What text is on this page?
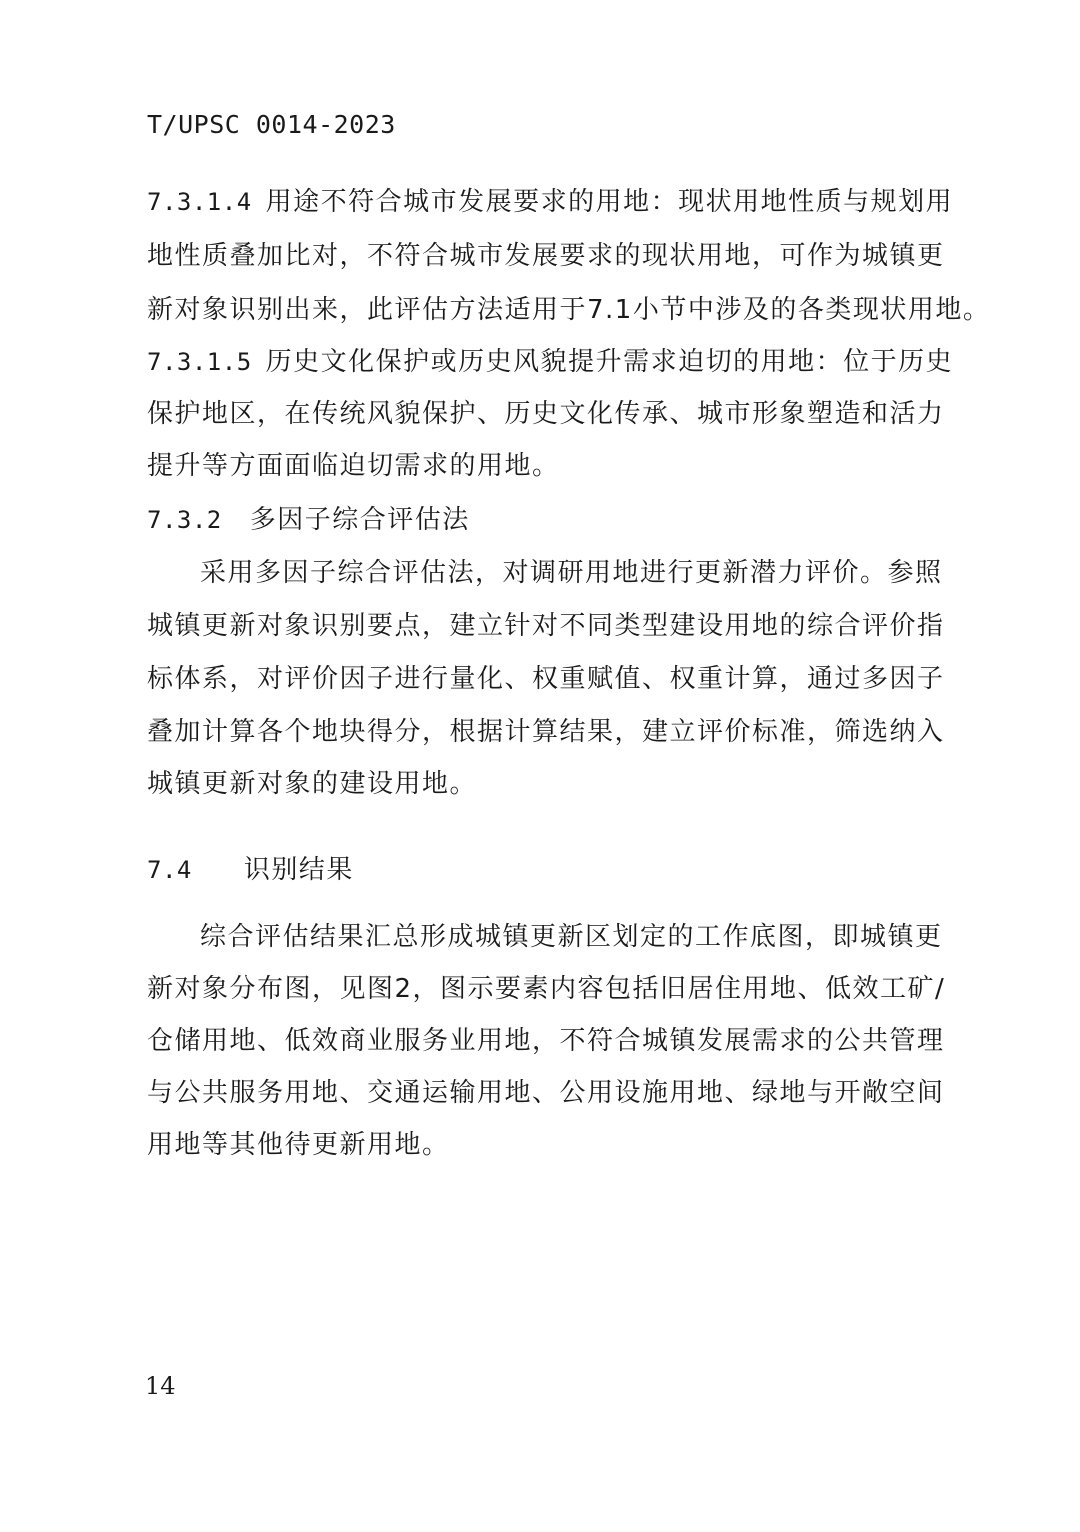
T/UPSC 0014-2023
7.3.1.4 用途不符合城市发展要求的用地：现状用地性质与规划用
地性质叠加比对，不符合城市发展要求的现状用地，可作为城镇更
新对象识别出来，此评估方法适用于7.1小节中涉及的各类现状用地。
7.3.1.5 历史文化保护或历史风貌提升需求迫切的用地：位于历史
保护地区，在传统风貌保护、历史文化传承、城市形象塑造和活力
提升等方面面临迫切需求的用地。
7.3.2 多因子综合评估法
采用多因子综合评估法，对调研用地进行更新潜力评价。参照
城镇更新对象识别要点，建立针对不同类型建设用地的综合评价指
标体系，对评价因子进行量化、权重赋值、权重计算，通过多因子
叠加计算各个地块得分，根据计算结果，建立评价标准，筛选纳入
城镇更新对象的建设用地。
7.4 识别结果
综合评估结果汇总形成城镇更新区划定的工作底图，即城镇更
新对象分布图，见图2，图示要素内容包括旧居住用地、低效工矿/
仓储用地、低效商业服务业用地，不符合城镇发展需求的公共管理
与公共服务用地、交通运输用地、公用设施用地、绿地与开敞空间
用地等其他待更新用地。
14
